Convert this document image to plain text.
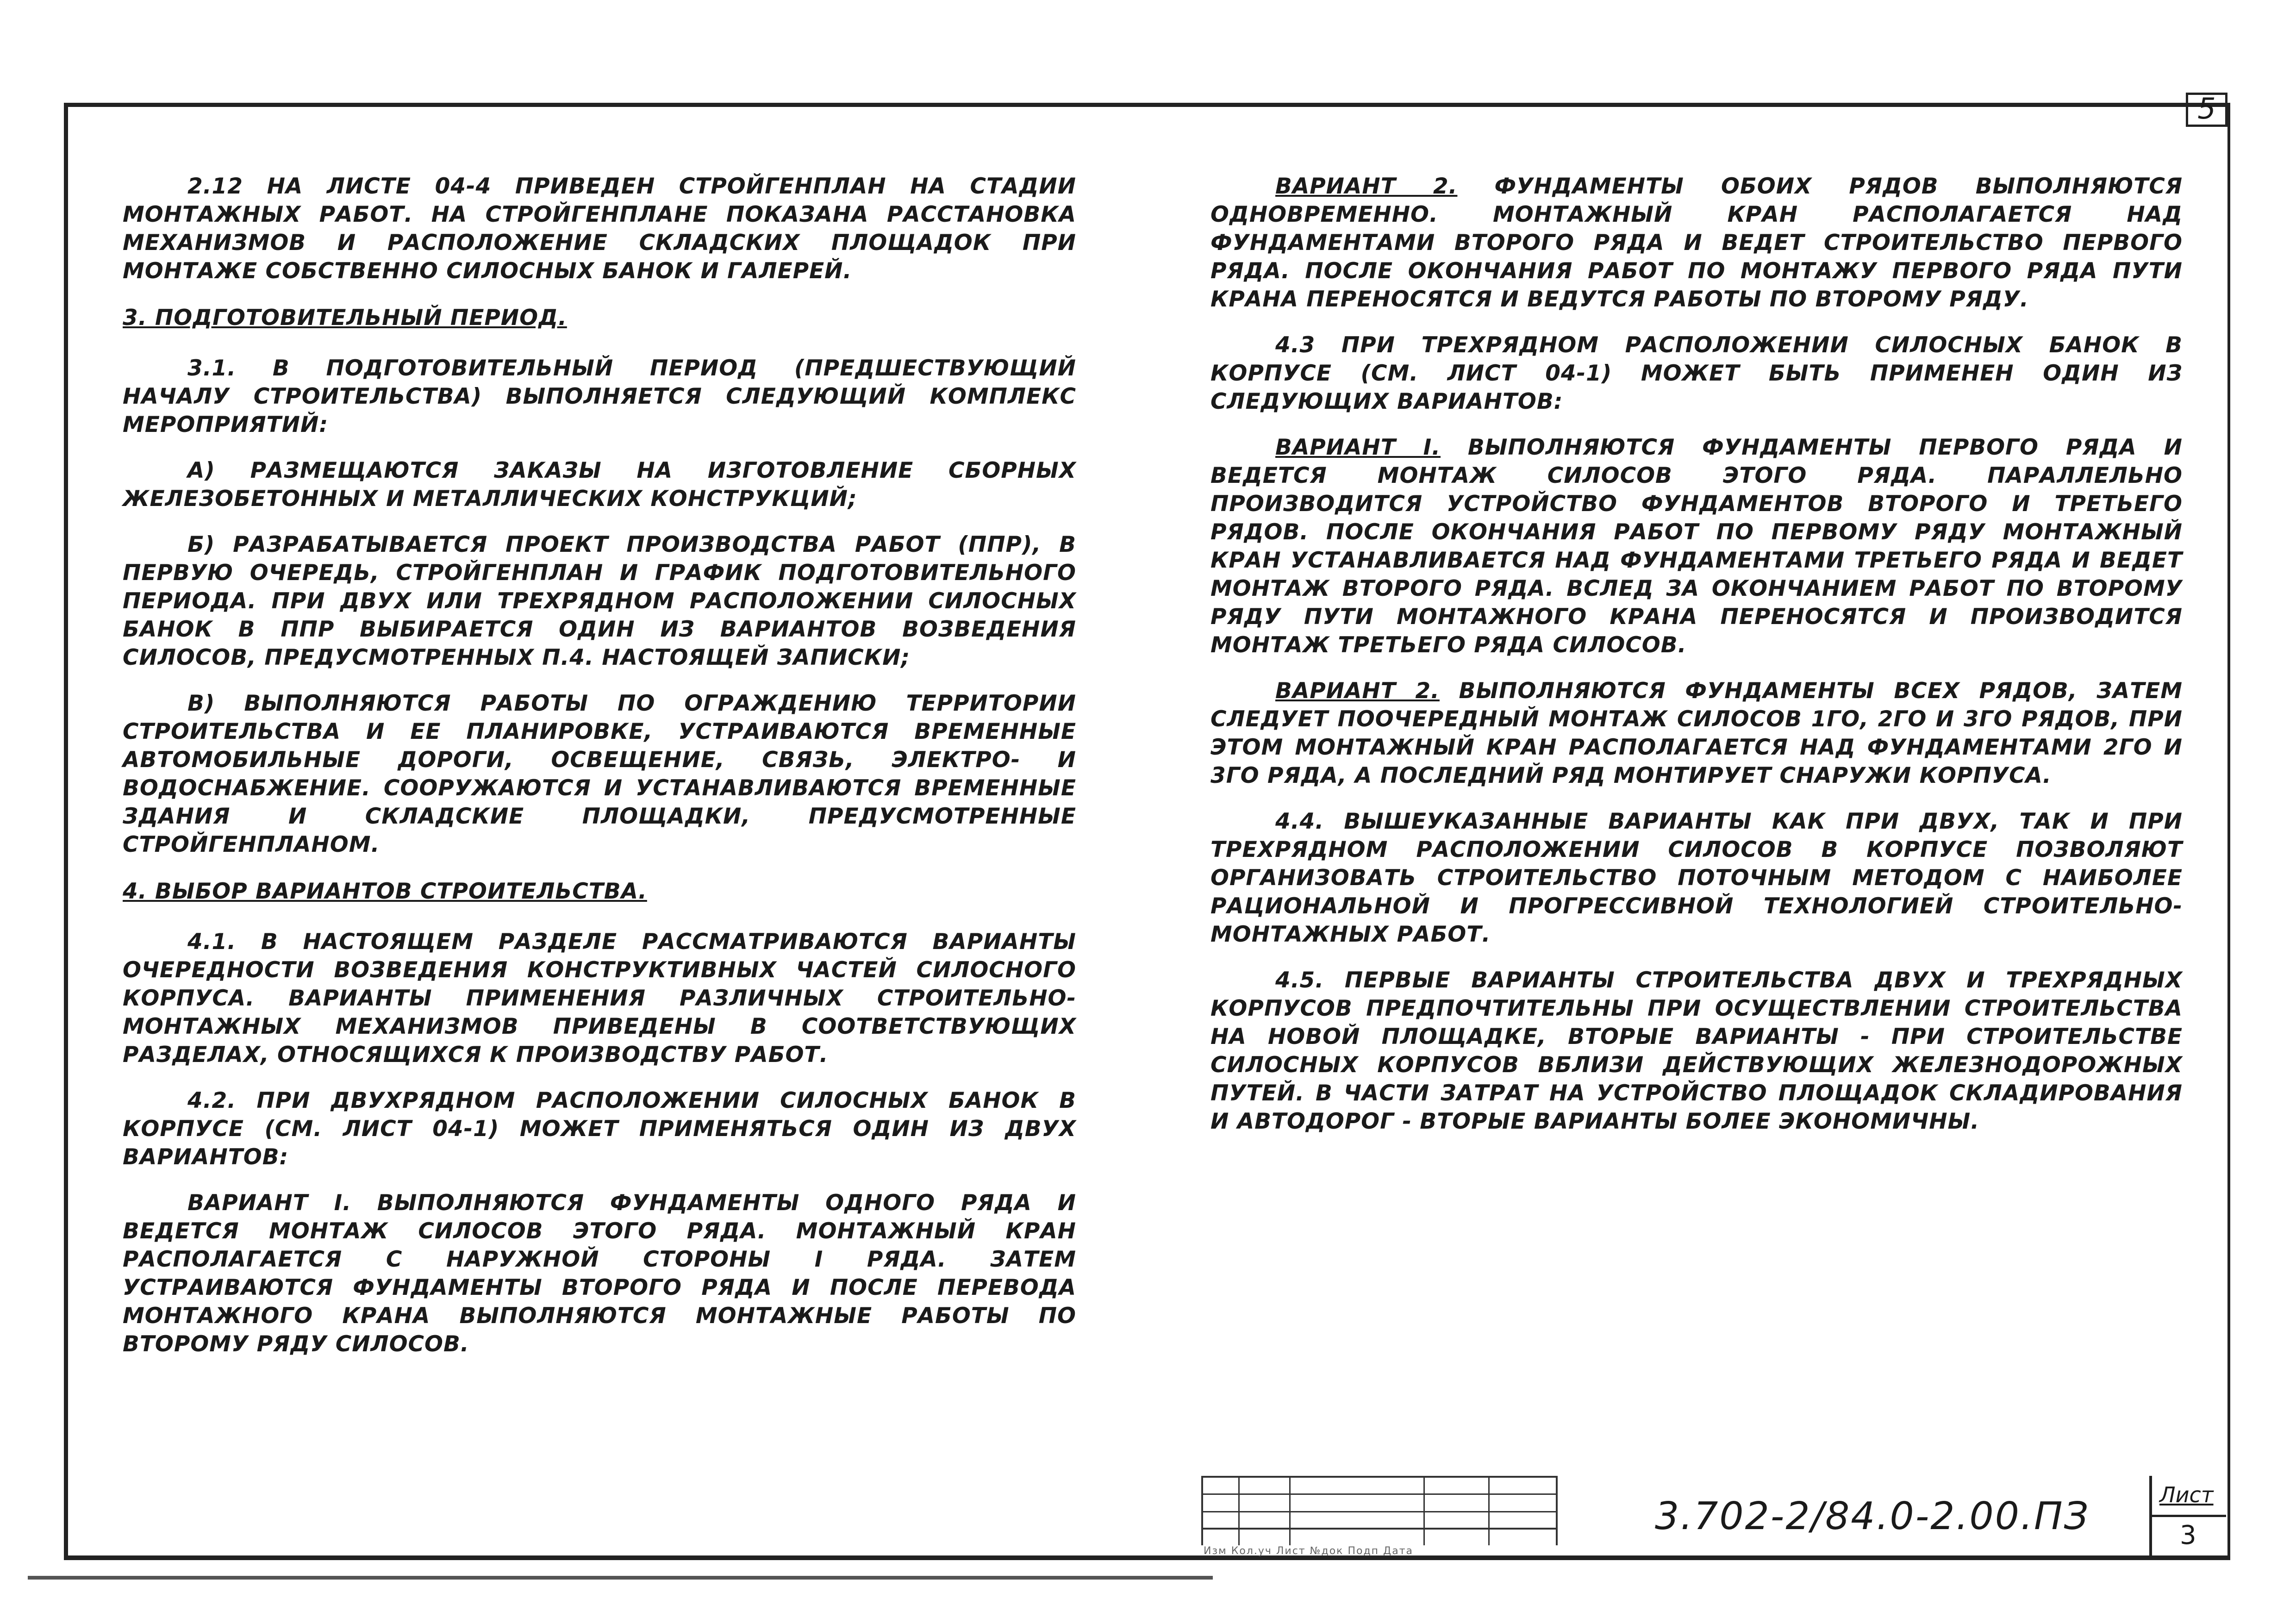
5

2.12 НА ЛИСТЕ 04-4 ПРИВЕДЕН СТРОЙГЕНПЛАН НА СТАДИИ МОНТАЖНЫХ РАБОТ. НА СТРОЙГЕНПЛАНЕ ПОКАЗАНА РАССТАНОВКА МЕХАНИЗМОВ И РАСПОЛОЖЕНИЕ СКЛАДСКИХ ПЛОЩАДОК ПРИ МОНТАЖЕ СОБСТВЕННО СИЛОСНЫХ БАНОК И ГАЛЕРЕЙ.

3. ПОДГОТОВИТЕЛЬНЫЙ ПЕРИОД.

3.1. В ПОДГОТОВИТЕЛЬНЫЙ ПЕРИОД (ПРЕДШЕСТВУЮЩИЙ НАЧАЛУ СТРОИТЕЛЬСТВА) ВЫПОЛНЯЕТСЯ СЛЕДУЮЩИЙ КОМПЛЕКС МЕРОПРИЯТИЙ:

А) РАЗМЕЩАЮТСЯ ЗАКАЗЫ НА ИЗГОТОВЛЕНИЕ СБОРНЫХ ЖЕЛЕЗОБЕТОННЫХ И МЕТАЛЛИЧЕСКИХ КОНСТРУКЦИЙ;

Б) РАЗРАБАТЫВАЕТСЯ ПРОЕКТ ПРОИЗВОДСТВА РАБОТ (ППР), В ПЕРВУЮ ОЧЕРЕДЬ, СТРОЙГЕНПЛАН И ГРАФИК ПОДГОТОВИТЕЛЬНОГО ПЕРИОДА. ПРИ ДВУХ ИЛИ ТРЕХРЯДНОМ РАСПОЛОЖЕНИИ СИЛОСНЫХ БАНОК В ППР ВЫБИРАЕТСЯ ОДИН ИЗ ВАРИАНТОВ ВОЗВЕДЕНИЯ СИЛОСОВ, ПРЕДУСМОТРЕННЫХ П.4. НАСТОЯЩЕЙ ЗАПИСКИ;

В) ВЫПОЛНЯЮТСЯ РАБОТЫ ПО ОГРАЖДЕНИЮ ТЕРРИТОРИИ СТРОИТЕЛЬСТВА И ЕЕ ПЛАНИРОВКЕ, УСТРАИВАЮТСЯ ВРЕМЕННЫЕ АВТОМОБИЛЬНЫЕ ДОРОГИ, ОСВЕЩЕНИЕ, СВЯЗЬ, ЭЛЕКТРО- И ВОДОСНАБЖЕНИЕ. СООРУЖАЮТСЯ И УСТАНАВЛИВАЮТСЯ ВРЕМЕННЫЕ ЗДАНИЯ И СКЛАДСКИЕ ПЛОЩАДКИ, ПРЕДУСМОТРЕННЫЕ СТРОЙГЕНПЛАНОМ.

4. ВЫБОР ВАРИАНТОВ СТРОИТЕЛЬСТВА.

4.1. В НАСТОЯЩЕМ РАЗДЕЛЕ РАССМАТРИВАЮТСЯ ВАРИАНТЫ ОЧЕРЕДНОСТИ ВОЗВЕДЕНИЯ КОНСТРУКТИВНЫХ ЧАСТЕЙ СИЛОСНОГО КОРПУСА. ВАРИАНТЫ ПРИМЕНЕНИЯ РАЗЛИЧНЫХ СТРОИТЕЛЬНО-МОНТАЖНЫХ МЕХАНИЗМОВ ПРИВЕДЕНЫ В СООТВЕТСТВУЮЩИХ РАЗДЕЛАХ, ОТНОСЯЩИХСЯ К ПРОИЗВОДСТВУ РАБОТ.

4.2. ПРИ ДВУХРЯДНОМ РАСПОЛОЖЕНИИ СИЛОСНЫХ БАНОК В КОРПУСЕ (СМ. ЛИСТ 04-1) МОЖЕТ ПРИМЕНЯТЬСЯ ОДИН ИЗ ДВУХ ВАРИАНТОВ:

ВАРИАНТ I. ВЫПОЛНЯЮТСЯ ФУНДАМЕНТЫ ОДНОГО РЯДА И ВЕДЕТСЯ МОНТАЖ СИЛОСОВ ЭТОГО РЯДА. МОНТАЖНЫЙ КРАН РАСПОЛАГАЕТСЯ С НАРУЖНОЙ СТОРОНЫ I РЯДА. ЗАТЕМ УСТРАИВАЮТСЯ ФУНДАМЕНТЫ ВТОРОГО РЯДА И ПОСЛЕ ПЕРЕВОДА МОНТАЖНОГО КРАНА ВЫПОЛНЯЮТСЯ МОНТАЖНЫЕ РАБОТЫ ПО ВТОРОМУ РЯДУ СИЛОСОВ.

ВАРИАНТ 2. ФУНДАМЕНТЫ ОБОИХ РЯДОВ ВЫПОЛНЯЮТСЯ ОДНОВРЕМЕННО. МОНТАЖНЫЙ КРАН РАСПОЛАГАЕТСЯ НАД ФУНДАМЕНТАМИ ВТОРОГО РЯДА И ВЕДЕТ СТРОИТЕЛЬСТВО ПЕРВОГО РЯДА. ПОСЛЕ ОКОНЧАНИЯ РАБОТ ПО МОНТАЖУ ПЕРВОГО РЯДА ПУТИ КРАНА ПЕРЕНОСЯТСЯ И ВЕДУТСЯ РАБОТЫ ПО ВТОРОМУ РЯДУ.

4.3 ПРИ ТРЕХРЯДНОМ РАСПОЛОЖЕНИИ СИЛОСНЫХ БАНОК В КОРПУСЕ (СМ. ЛИСТ 04-1) МОЖЕТ БЫТЬ ПРИМЕНЕН ОДИН ИЗ СЛЕДУЮЩИХ ВАРИАНТОВ:

ВАРИАНТ I. ВЫПОЛНЯЮТСЯ ФУНДАМЕНТЫ ПЕРВОГО РЯДА И ВЕДЕТСЯ МОНТАЖ СИЛОСОВ ЭТОГО РЯДА. ПАРАЛЛЕЛЬНО ПРОИЗВОДИТСЯ УСТРОЙСТВО ФУНДАМЕНТОВ ВТОРОГО И ТРЕТЬЕГО РЯДОВ. ПОСЛЕ ОКОНЧАНИЯ РАБОТ ПО ПЕРВОМУ РЯДУ МОНТАЖНЫЙ КРАН УСТАНАВЛИВАЕТСЯ НАД ФУНДАМЕНТАМИ ТРЕТЬЕГО РЯДА И ВЕДЕТ МОНТАЖ ВТОРОГО РЯДА. ВСЛЕД ЗА ОКОНЧАНИЕМ РАБОТ ПО ВТОРОМУ РЯДУ ПУТИ МОНТАЖНОГО КРАНА ПЕРЕНОСЯТСЯ И ПРОИЗВОДИТСЯ МОНТАЖ ТРЕТЬЕГО РЯДА СИЛОСОВ.

ВАРИАНТ 2. ВЫПОЛНЯЮТСЯ ФУНДАМЕНТЫ ВСЕХ РЯДОВ, ЗАТЕМ СЛЕДУЕТ ПООЧЕРЕДНЫЙ МОНТАЖ СИЛОСОВ 1ГО, 2ГО И 3ГО РЯДОВ, ПРИ ЭТОМ МОНТАЖНЫЙ КРАН РАСПОЛАГАЕТСЯ НАД ФУНДАМЕНТАМИ 2ГО И 3ГО РЯДА, А ПОСЛЕДНИЙ РЯД МОНТИРУЕТ СНАРУЖИ КОРПУСА.

4.4. ВЫШЕУКАЗАННЫЕ ВАРИАНТЫ КАК ПРИ ДВУХ, ТАК И ПРИ ТРЕХРЯДНОМ РАСПОЛОЖЕНИИ СИЛОСОВ В КОРПУСЕ ПОЗВОЛЯЮТ ОРГАНИЗОВАТЬ СТРОИТЕЛЬСТВО ПОТОЧНЫМ МЕТОДОМ С НАИБОЛЕЕ РАЦИОНАЛЬНОЙ И ПРОГРЕССИВНОЙ ТЕХНОЛОГИЕЙ СТРОИТЕЛЬНО-МОНТАЖНЫХ РАБОТ.

4.5. ПЕРВЫЕ ВАРИАНТЫ СТРОИТЕЛЬСТВА ДВУХ И ТРЕХРЯДНЫХ КОРПУСОВ ПРЕДПОЧТИТЕЛЬНЫ ПРИ ОСУЩЕСТВЛЕНИИ СТРОИТЕЛЬСТВА НА НОВОЙ ПЛОЩАДКЕ, ВТОРЫЕ ВАРИАНТЫ - ПРИ СТРОИТЕЛЬСТВЕ СИЛОСНЫХ КОРПУСОВ ВБЛИЗИ ДЕЙСТВУЮЩИХ ЖЕЛЕЗНОДОРОЖНЫХ ПУТЕЙ. В ЧАСТИ ЗАТРАТ НА УСТРОЙСТВО ПЛОЩАДОК СКЛАДИРОВАНИЯ И АВТОДОРОГ - ВТОРЫЕ ВАРИАНТЫ БОЛЕЕ ЭКОНОМИЧНЫ.

3.702-2/84.0-2.00.ПЗ	Лист
3
Изм Кол.уч Лист №док Подп Дата
